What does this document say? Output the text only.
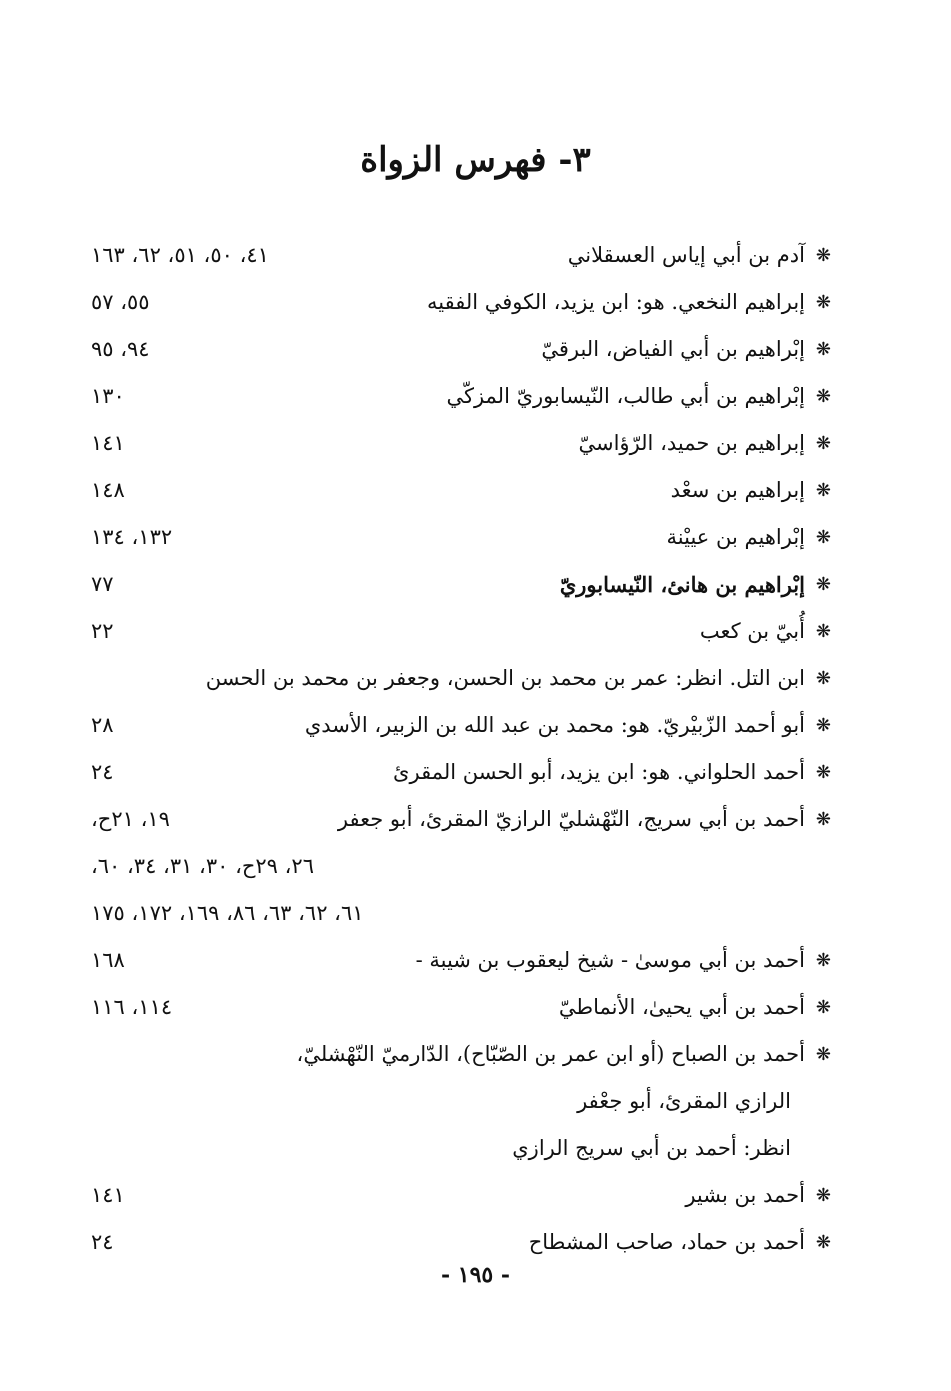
٣- فهرس الزواة
❋
آدم بن أبي إياس العسقلاني
٤١، ٥٠، ٥١، ٦٢، ١٦٣
❋
إبراهيم النخعي. هو: ابن يزيد، الكوفي الفقيه
٥٥، ٥٧
❋
إبْراهيم بن أبي الفياض، البرقيّ
٩٤، ٩٥
❋
إبْراهيم بن أبي طالب، النّيسابوريّ المزكّي
١٣٠
❋
إبراهيم بن حميد، الرّؤاسيّ
١٤١
❋
إبراهيم بن سعْد
١٤٨
❋
إبْراهيم بن عييْنة
١٣٢، ١٣٤
❋
إبْراهيم بن هانئ، النّيسابوريّ
٧٧
❋
أُبيّ بن كعب
٢٢
❋
ابن التل. انظر: عمر بن محمد بن الحسن، وجعفر بن محمد بن الحسن
❋
أبو أحمد الزّبيْريّ. هو: محمد بن عبد الله بن الزبير، الأسدي
٢٨
❋
أحمد الحلواني. هو: ابن يزيد، أبو الحسن المقرئ
٢٤
❋
أحمد بن أبي سريج، النّهْشليّ الرازيّ المقرئ، أبو جعفر
١٩، ٢١ح،
٢٦، ٢٩ح، ٣٠، ٣١، ٣٤، ٦٠،
٦١، ٦٢، ٦٣، ٨٦، ١٦٩، ١٧٢، ١٧٥
❋
أحمد بن أبي موسىٰ - شيخ ليعقوب بن شيبة -
١٦٨
❋
أحمد بن أبي يحيىٰ، الأنماطيّ
١١٤، ١١٦
❋
أحمد بن الصباح (أو ابن عمر بن الصّبّاح)، الدّارميّ النّهْشليّ،
الرازي المقرئ، أبو جعْفر
انظر: أحمد بن أبي سريج الرازي
❋
أحمد بن بشير
١٤١
❋
أحمد بن حماد، صاحب المشطاح
٢٤
- ١٩٥ -
